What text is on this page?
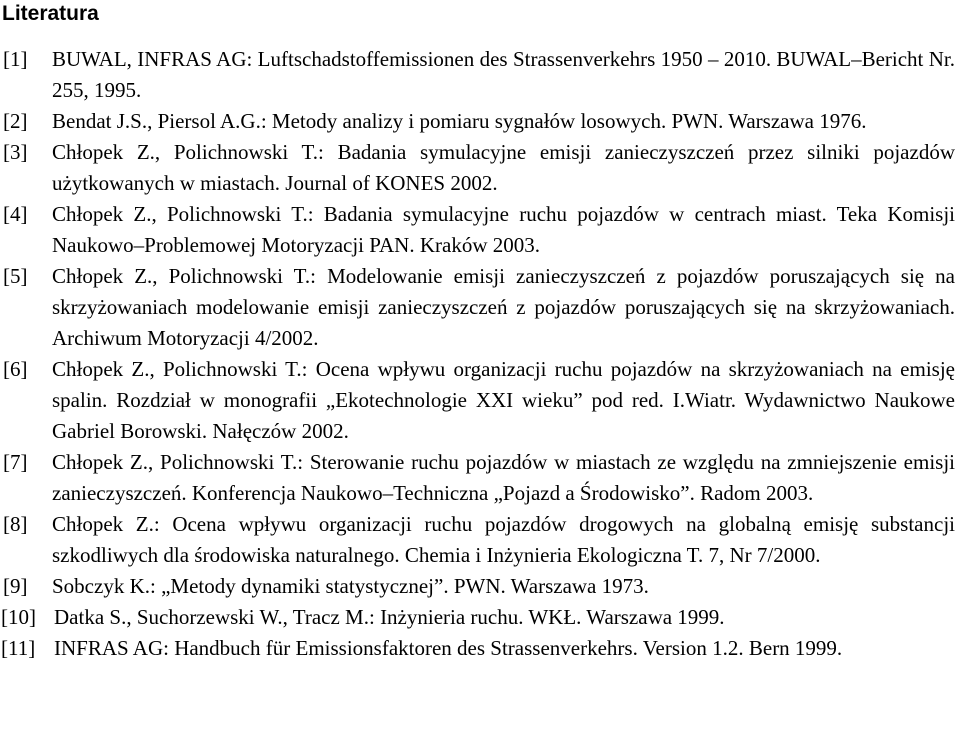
Literatura

[1] BUWAL, INFRAS AG: Luftschadstoffemissionen des Strassenverkehrs 1950 – 2010. BUWAL–Bericht Nr. 255, 1995.

[2] Bendat J.S., Piersol A.G.: Metody analizy i pomiaru sygnałów losowych. PWN. Warszawa 1976.

[3] Chłopek Z., Polichnowski T.: Badania symulacyjne emisji zanieczyszczeń przez silniki pojazdów użytkowanych w miastach. Journal of KONES 2002.

[4] Chłopek Z., Polichnowski T.: Badania symulacyjne ruchu pojazdów w centrach miast. Teka Komisji Naukowo–Problemowej Motoryzacji PAN. Kraków 2003.

[5] Chłopek Z., Polichnowski T.: Modelowanie emisji zanieczyszczeń z pojazdów poruszających się na skrzyżowaniach modelowanie emisji zanieczyszczeń z pojazdów poruszających się na skrzyżowaniach. Archiwum Motoryzacji 4/2002.

[6] Chłopek Z., Polichnowski T.: Ocena wpływu organizacji ruchu pojazdów na skrzyżowaniach na emisję spalin. Rozdział w monografii „Ekotechnologie XXI wieku” pod red. I.Wiatr. Wydawnictwo Naukowe Gabriel Borowski. Nałęczów 2002.

[7] Chłopek Z., Polichnowski T.: Sterowanie ruchu pojazdów w miastach ze względu na zmniejszenie emisji zanieczyszczeń. Konferencja Naukowo–Techniczna „Pojazd a Środowisko”. Radom 2003.

[8] Chłopek Z.: Ocena wpływu organizacji ruchu pojazdów drogowych na globalną emisję substancji szkodliwych dla środowiska naturalnego. Chemia i Inżynieria Ekologiczna T. 7, Nr 7/2000.

[9] Sobczyk K.: „Metody dynamiki statystycznej”. PWN. Warszawa 1973.

[10] Datka S., Suchorzewski W., Tracz M.: Inżynieria ruchu. WKŁ. Warszawa 1999.

[11] INFRAS AG: Handbuch für Emissionsfaktoren des Strassenverkehrs. Version 1.2. Bern 1999.
